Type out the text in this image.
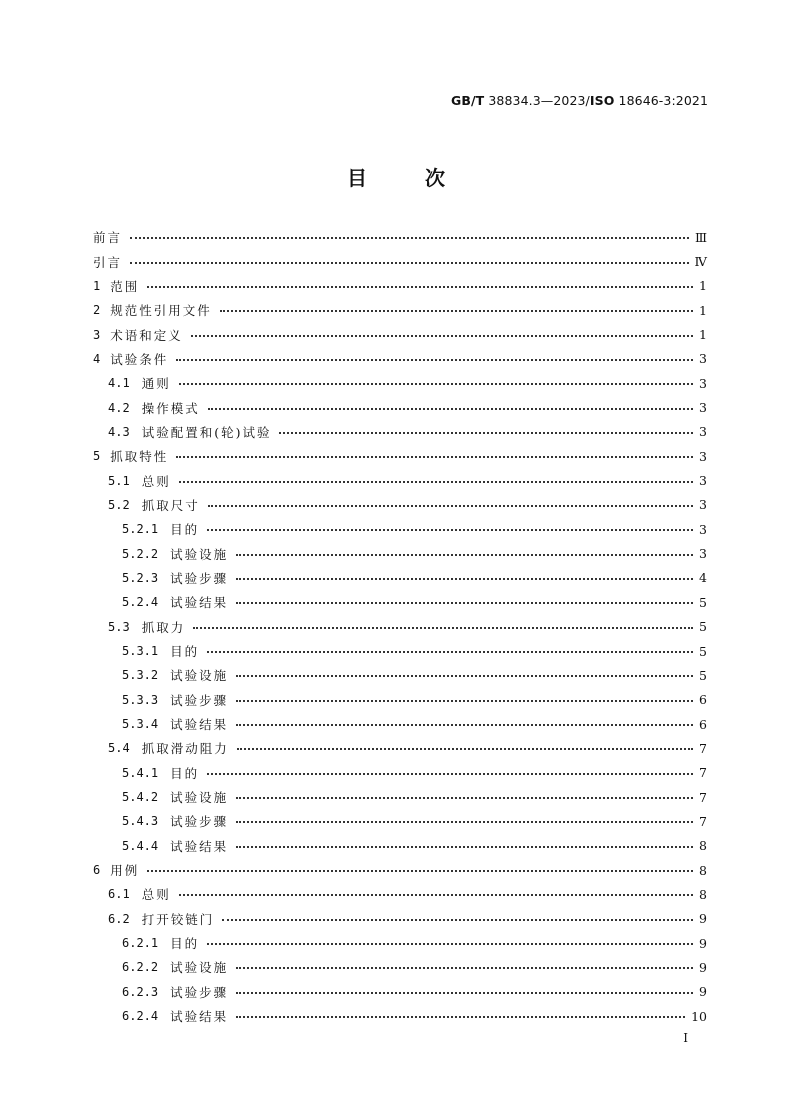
GB/T 38834.3—2023/ISO 18646-3:2021
目	次
前言	Ⅲ
引言	Ⅳ
1 范围	1
2 规范性引用文件	1
3 术语和定义	1
4 试验条件	3
4.1 通则	3
4.2 操作模式	3
4.3 试验配置和(轮)试验	3
5 抓取特性	3
5.1 总则	3
5.2 抓取尺寸	3
5.2.1 目的	3
5.2.2 试验设施	3
5.2.3 试验步骤	4
5.2.4 试验结果	5
5.3 抓取力	5
5.3.1 目的	5
5.3.2 试验设施	5
5.3.3 试验步骤	6
5.3.4 试验结果	6
5.4 抓取滑动阻力	7
5.4.1 目的	7
5.4.2 试验设施	7
5.4.3 试验步骤	7
5.4.4 试验结果	8
6 用例	8
6.1 总则	8
6.2 打开铰链门	9
6.2.1 目的	9
6.2.2 试验设施	9
6.2.3 试验步骤	9
6.2.4 试验结果	10
I
